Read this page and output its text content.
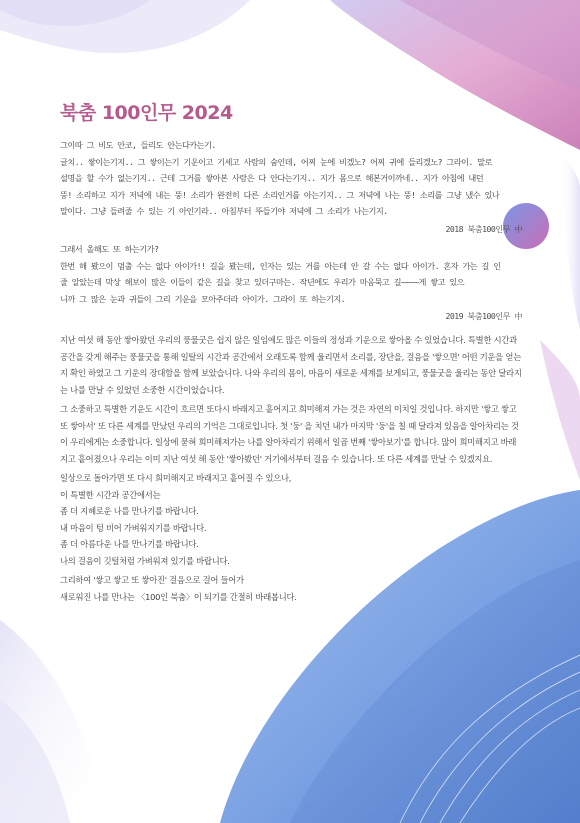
북춤 100인무 2024

그이따 그 비도 안코, 들리도 안는다카는기.

글치.. 쌓이는기지.. 그 쌓이는기 기운이고 기세고 사람의 숨인데, 어찌 눈에 비겠노? 어찌 귀에 들리겠노? 그라이. 말로

설명을 할 수가 없는기지.. 근데 그거를 쌓아본 사람은 다 안다는기지.. 지가 몸으로 해본거이까네.. 지가 아침에 내던

뚱! 소리하고 지가 저녁에 내는 뚱! 소리가 완전히 다른 소리인거를 아는기지.. 그 저녁에 나는 뚱! 소리를 그냥 냈수 있나

말이다. 그냥 들려줄 수 있는 기 아인기라.. 아침부터 뚜들기야 저녁에 그 소리가 나는기지.

2018 북춤100인무 中

그래서 올해도 또 하는기가?

한번 해 봤으이 멈출 수는 없다 아이가!! 길을 봤는데, 인자는 있는 거를 아는데 안 갈 수는 없다 아이가. 혼자 가는 길 인

줄 알았는데 막상 해보이 많은 이들이 같은 길을 찾고 있더구마는. 작년에도 우리가 마음묵고 길~~~~게 쌓고 있으

니까 그 많은 눈과 귀들이 그리 기운을 모아주더라 아이가. 그라이 또 하는기지.

2019 북춤100인무 中

지난 여섯 해 동안 쌓아왔던 우리의 풍물굿은 쉽지 않은 일임에도 많은 이들의 정성과 기운으로 쌓아올 수 있었습니다. 특별한 시간과 공간을 갖게 해주는 풍물굿을 통해 일탈의 시간과 공간에서 오래도록 함께 울리면서 소리를, 장단을, 걸음을 '쌓으면' 어떤 기운을 얻는지 확인 하였고 그 기운의 장대함을 함께 보았습니다. 나와 우리의 몸이, 마음이 새로운 세계를 보게되고, 풍물굿을 울리는 동안 달라지는 나를 만날 수 있었던 소중한 시간이었습니다.

그 소중하고 특별한 기운도 시간이 흐르면 또다시 바래지고 흩어지고 희미해져 가는 것은 자연의 이치일 것입니다. 하지만 '쌓고 쌓고 또 쌓아서' 또 다른 세계를 만났던 우리의 기억은 그대로입니다. 첫 '둥' 을 치던 내가 마지막 '둥'을 칠 때 달라져 있음을 알아차리는 것이 우리에게는 소중합니다. 일상에 묻혀 희미해져가는 나를 알아차리기 위해서 일곱 번째 '쌓아보기'를 합니다. 많이 희미해지고 바래지고 흩어졌으나 우리는 이미 지난 여섯 해 동안 '쌓아봤던' 거기에서부터 걸음 수 있습니다. 또 다른 세계를 만날 수 있겠지요.

일상으로 돌아가면 또 다시 희미해지고 바래지고 흩어질 수 있으나,

이 특별한 시간과 공간에서는

좀 더 지혜로운 나를 만나기를 바랍니다.

내 마음이 텅 비어 가벼워지기를 바랍니다.

좀 더 아름다운 나를 만나기를 바랍니다.

나의 걸음이 깃털처럼 가벼워져 있기를 바랍니다.

그리하여 '쌓고 쌓고 또 쌓아진' 걸음으로 걸어 들어가

새로워진 나를 만나는 〈100인 북춤〉이 되기를 간절히 바래봅니다.
